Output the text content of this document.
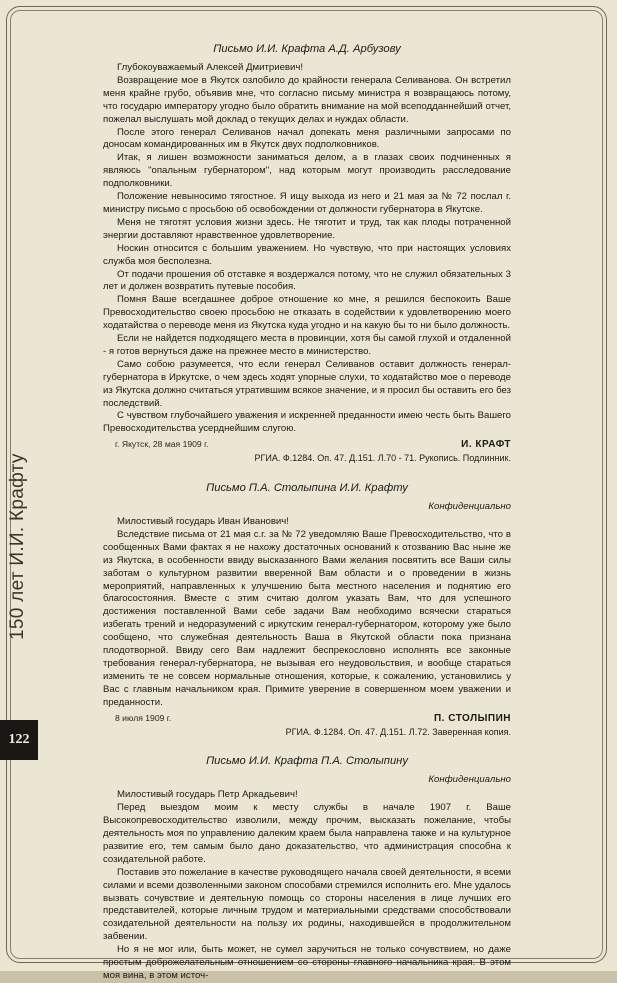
150 лет И.И. Крафту
122
Письмо И.И. Крафта А.Д. Арбузову
Глубокоуважаемый Алексей Дмитриевич!

Возвращение мое в Якутск озлобило до крайности генерала Селиванова. Он встретил меня крайне грубо, объявив мне, что согласно письму министра я возвращаюсь потому, что государю императору угодно было обратить внимание на мой всеподданнейший отчет, пожелал выслушать мой доклад о текущих делах и нуждах области.

После этого генерал Селиванов начал допекать меня различными запросами по доносам командированных им в Якутск двух подполковников.

Итак, я лишен возможности заниматься делом, а в глазах своих подчиненных я являюсь "опальным губернатором", над которым могут производить расследование подполковники.

Положение невыносимо тягостное. Я ищу выхода из него и 21 мая за № 72 послал г. министру письмо с просьбою об освобождении от должности губернатора в Якутске.

Меня не тяготят условия жизни здесь. Не тяготит и труд, так как плоды потраченной энергии доставляют нравственное удовлетворение.

Носкин относится с большим уважением. Но чувствую, что при настоящих условиях служба моя бесполезна.

От подачи прошения об отставке я воздержался потому, что не служил обязательных 3 лет и должен возвратить путевые пособия.

Помня Ваше всегдашнее доброе отношение ко мне, я решился беспокоить Ваше Превосходительство своею просьбою не отказать в содействии к удовлетворению моего ходатайства о переводе меня из Якутска куда угодно и на какую бы то ни было должность.

Если не найдется подходящего места в провинции, хотя бы самой глухой и отдаленной - я готов вернуться даже на прежнее место в министерство.

Само собою разумеется, что если генерал Селиванов оставит должность генерал-губернатора в Иркутске, о чем здесь ходят упорные слухи, то ходатайство мое о переводе из Якутска должно считаться утратившим всякое значение, и я просил бы оставить его без последствий.

С чувством глубочайшего уважения и искренней преданности имею честь быть Вашего Превосходительства усерднейшим слугою.

г. Якутск, 28 мая 1909 г.	И. КРАФТ
РГИА. Ф.1284. Оп. 47. Д.151. Л.70 - 71. Рукопись. Подлинник.
Письмо П.А. Столыпина И.И. Крафту
Конфиденциально
Милостивый государь Иван Иванович!

Вследствие письма от 21 мая с.г. за № 72 уведомляю Ваше Превосходительство, что в сообщенных Вами фактах я не нахожу достаточных оснований к отозванию Вас ныне же из Якутска, в особенности ввиду высказанного Вами желания посвятить все Ваши силы заботам о культурном развитии вверенной Вам области и о проведении в жизнь мероприятий, направленных к улучшению быта местного населения и поднятию его благосостояния. Вместе с этим считаю долгом указать Вам, что для успешного достижения поставленной Вами себе задачи Вам необходимо всячески стараться избегать трений и недоразумений с иркутским генерал-губернатором, которому уже было сообщено, что служебная деятельность Ваша в Якутской области пока признана плодотворной. Ввиду сего Вам надлежит беспрекословно исполнять все законные требования генерал-губернатора, не вызывая его неудовольствия, и вообще стараться изменить те не совсем нормальные отношения, которые, к сожалению, установились у Вас с главным начальником края. Примите уверение в совершенном моем уважении и преданности.

8 июля 1909 г.	П. СТОЛЫПИН
РГИА. Ф.1284. Оп. 47. Д.151. Л.72. Заверенная копия.
Письмо И.И. Крафта П.А. Столыпину
Конфиденциально
Милостивый государь Петр Аркадьевич!

Перед выездом моим к месту службы в начале 1907 г. Ваше Высокопревосходительство изволили, между прочим, высказать пожелание, чтобы деятельность моя по управлению далеким краем была направлена также и на культурное развитие его, тем самым было дано доказательство, что администрация способна к созидательной работе.

Поставив это пожелание в качестве руководящего начала своей деятельности, я всеми силами и всеми дозволенными законом способами стремился исполнить его. Мне удалось вызвать сочувствие и деятельную помощь со стороны населения в лице лучших его представителей, которые личным трудом и материальными средствами способствовали созидательной деятельности на пользу их родины, находившейся в продолжительном забвении.

Но я не мог или, быть может, не сумел заручиться не только сочувствием, но даже простым доброжелательным отношением со стороны главного начальника края. В этом моя вина, в этом источ-
